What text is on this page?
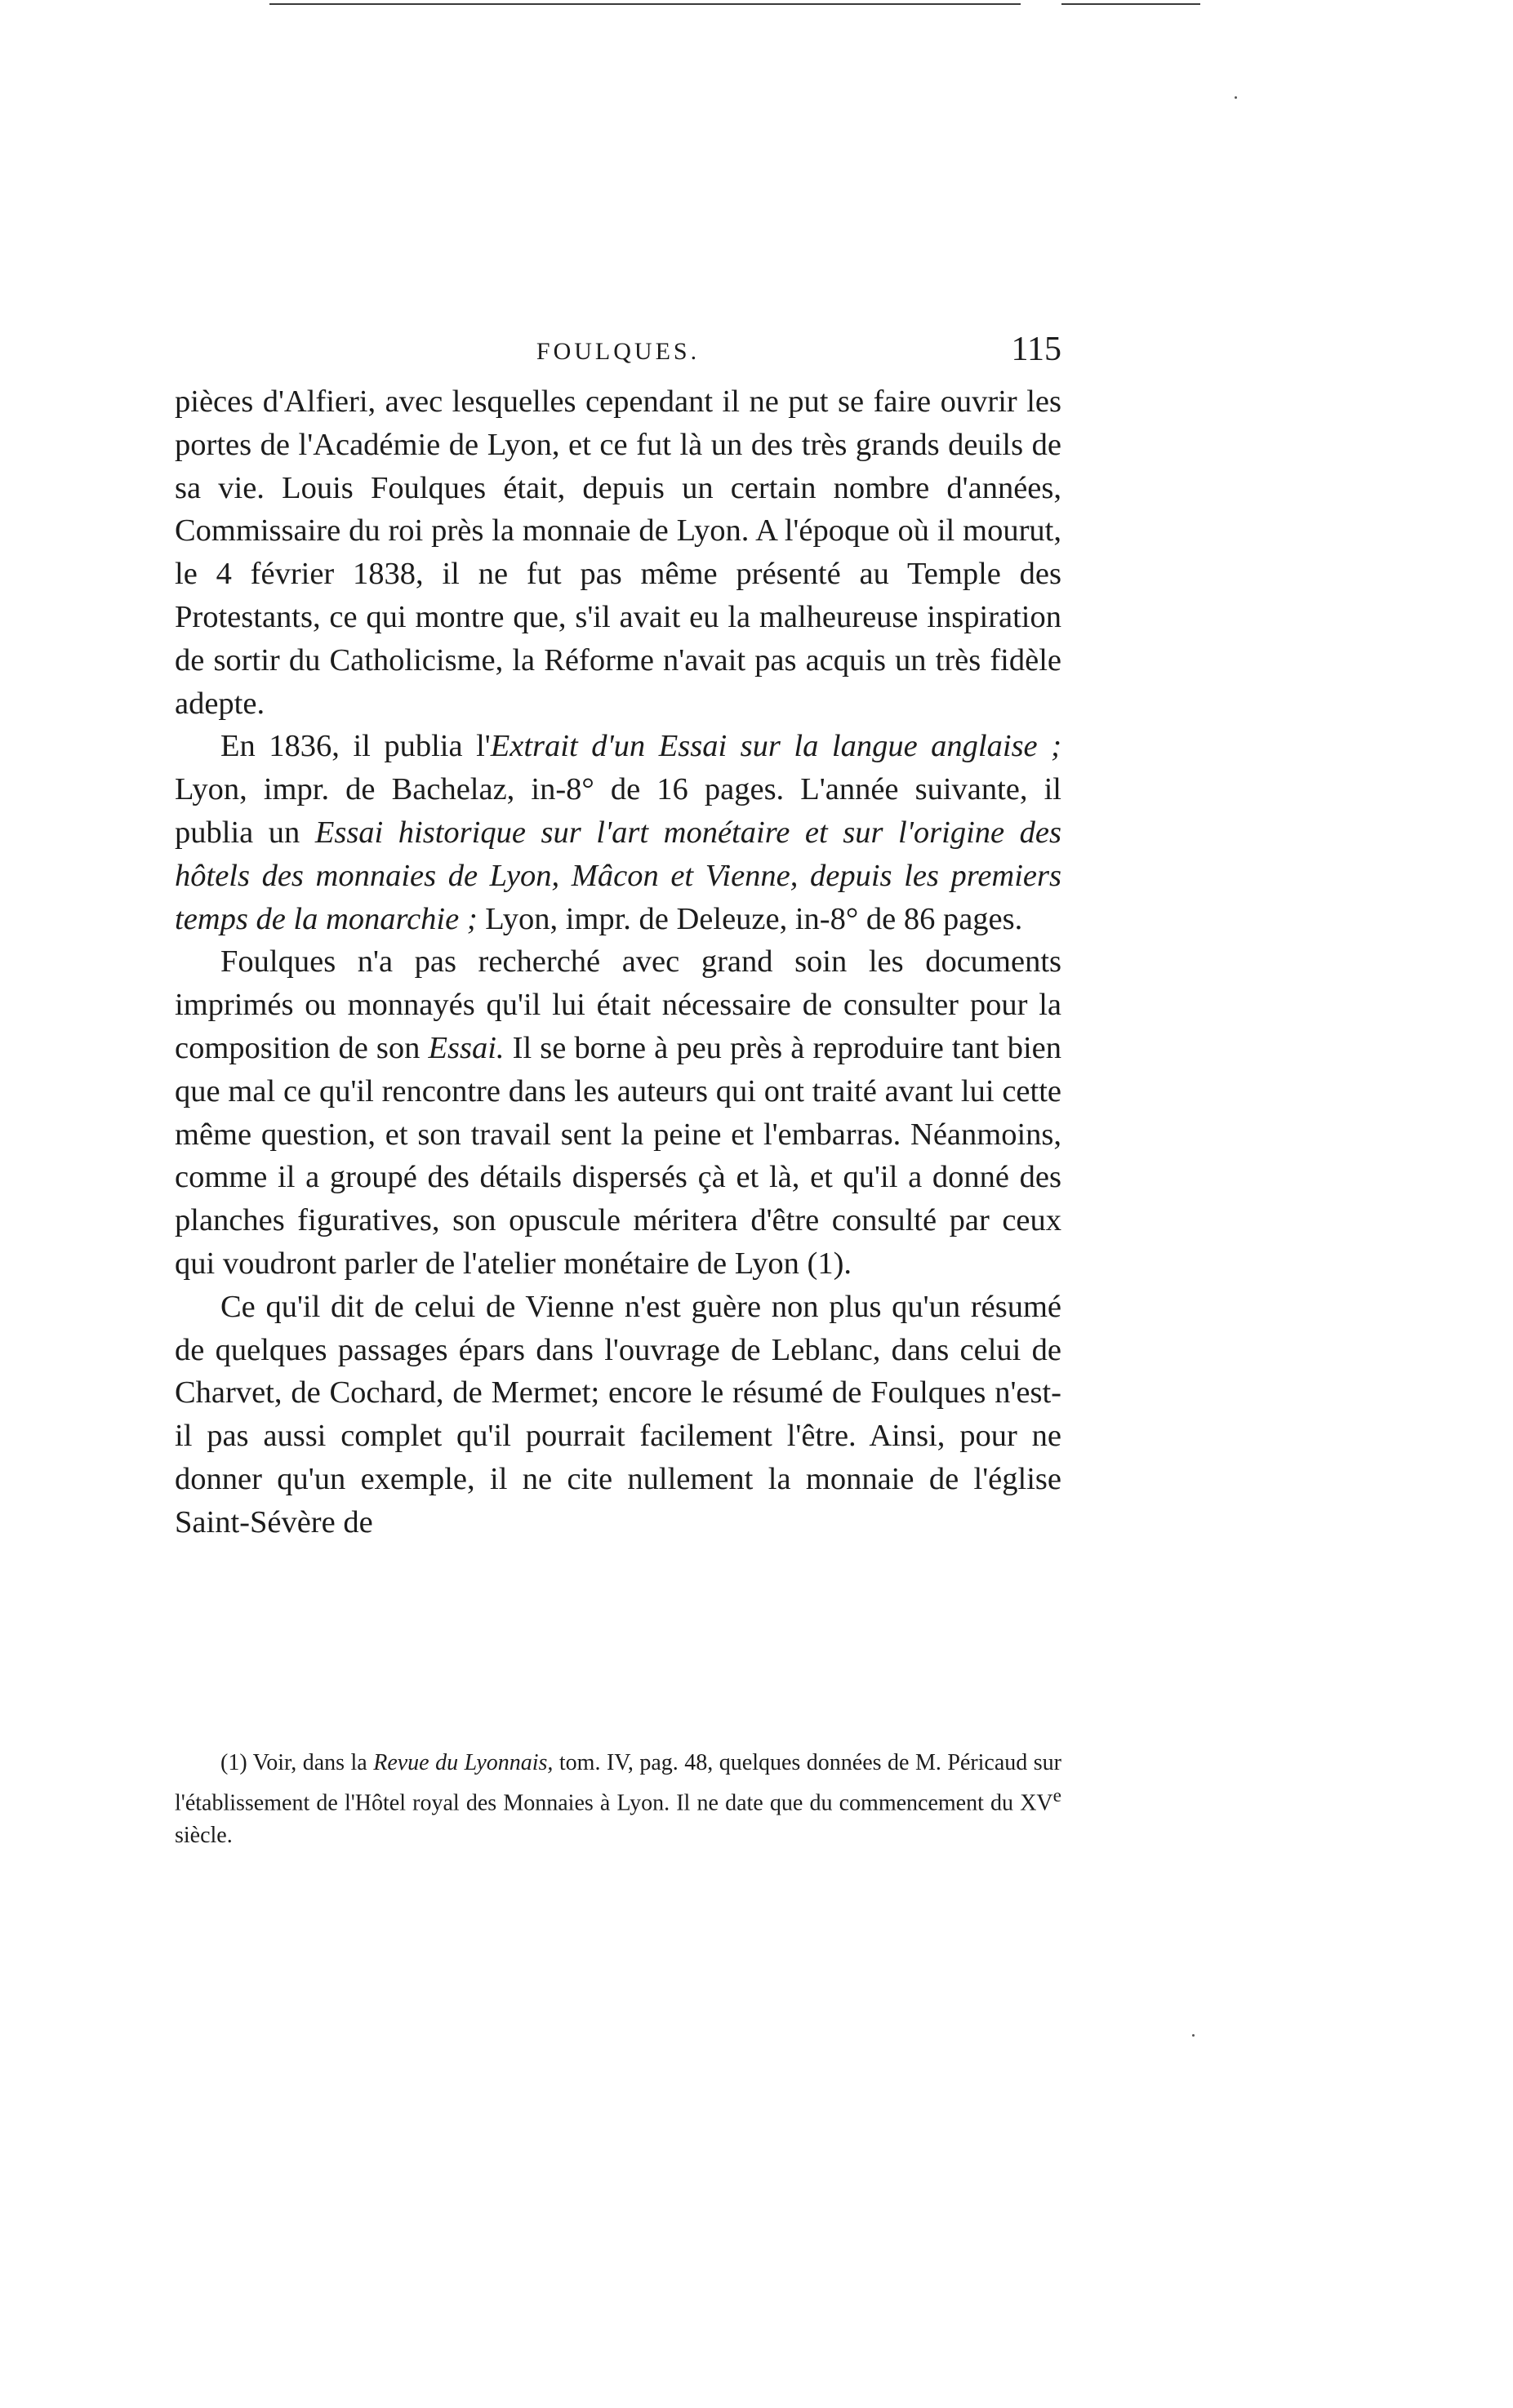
FOULQUES.	115

pièces d'Alfieri, avec lesquelles cependant il ne put se faire ouvrir les portes de l'Académie de Lyon, et ce fut là un des très grands deuils de sa vie. Louis Foulques était, depuis un certain nombre d'années, Commissaire du roi près la monnaie de Lyon. A l'époque où il mourut, le 4 février 1838, il ne fut pas même présenté au Temple des Protestants, ce qui montre que, s'il avait eu la malheureuse inspiration de sortir du Catholicisme, la Réforme n'avait pas acquis un très fidèle adepte.

En 1836, il publia l'Extrait d'un Essai sur la langue anglaise ; Lyon, impr. de Bachelaz, in-8° de 16 pages. L'année suivante, il publia un Essai historique sur l'art monétaire et sur l'origine des hôtels des monnaies de Lyon, Mâcon et Vienne, depuis les premiers temps de la monarchie ; Lyon, impr. de Deleuze, in-8° de 86 pages.

Foulques n'a pas recherché avec grand soin les documents imprimés ou monnayés qu'il lui était nécessaire de consulter pour la composition de son Essai. Il se borne à peu près à reproduire tant bien que mal ce qu'il rencontre dans les auteurs qui ont traité avant lui cette même question, et son travail sent la peine et l'embarras. Néanmoins, comme il a groupé des détails dispersés çà et là, et qu'il a donné des planches figuratives, son opuscule méritera d'être consulté par ceux qui voudront parler de l'atelier monétaire de Lyon (1).

Ce qu'il dit de celui de Vienne n'est guère non plus qu'un résumé de quelques passages épars dans l'ouvrage de Leblanc, dans celui de Charvet, de Cochard, de Mermet; encore le résumé de Foulques n'est-il pas aussi complet qu'il pourrait facilement l'être. Ainsi, pour ne donner qu'un exemple, il ne cite nullement la monnaie de l'église Saint-Sévère de

(1) Voir, dans la Revue du Lyonnais, tom. IV, pag. 48, quelques données de M. Péricaud sur l'établissement de l'Hôtel royal des Monnaies à Lyon. Il ne date que du commencement du XVe siècle.
